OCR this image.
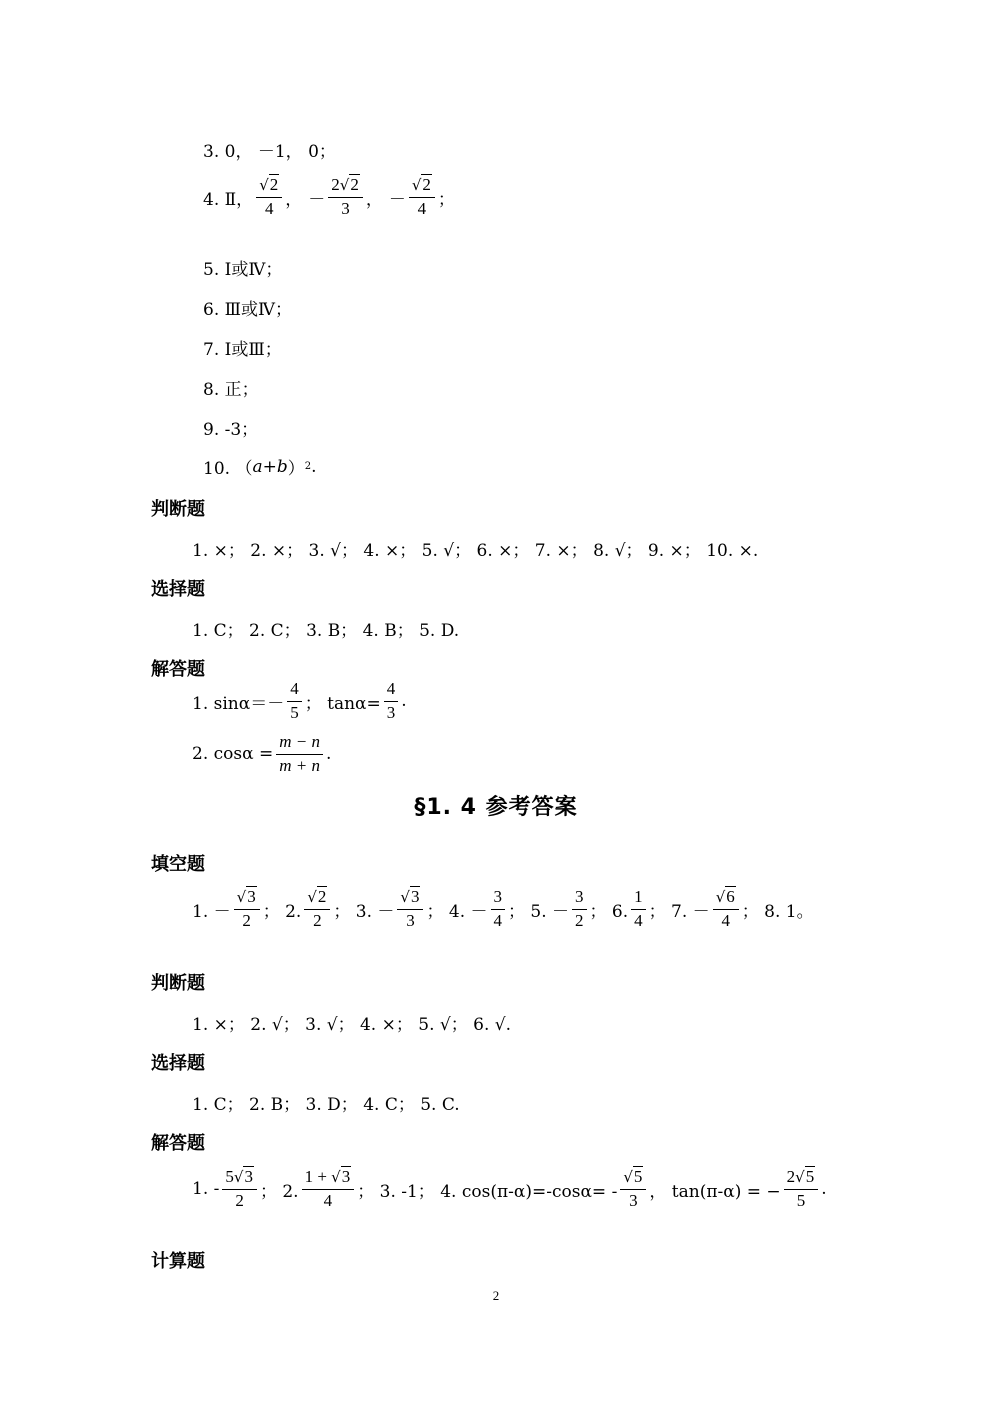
3. 0， －1， 0；
4. Ⅱ， $\frac{√2}{4}$ ， － $\frac{2√2}{3}$ ， － $\frac{√2}{4}$ ；
5. Ⅰ或Ⅳ；
6. Ⅲ或Ⅳ；
7. Ⅰ或Ⅲ；
8. 正；
9. -3；
10. （ a + b ） 2 .
判断题
1. ×； 2. ×； 3. √； 4. ×； 5. √； 6. ×； 7. ×； 8. √； 9. ×； 10. ×.
选择题
1. C； 2. C； 3. B； 4. B； 5. D.
解答题
1. $\sin\alpha=- \frac{4}{5}$ ； $\tan\alpha= \frac{4}{3}$ .
2. $\cos\alpha = \frac{m - n}{m + n}$ .
§1. 4 参考答案
填空题
1. － $\frac{√3}{2}$ ； 2. $\frac{√2}{2}$ ； 3. － $\frac{√3}{3}$ ； 4. － $\frac{3}{4}$ ； 5. － $\frac{3}{2}$ ； 6. $\frac{1}{4}$ ； 7. － $\frac{√6}{4}$ ； 8. 1。
判断题
1. ×； 2. √； 3. √； 4. ×； 5. √； 6. √.
选择题
1. C； 2. B； 3. D； 4. C； 5. C.
解答题
1. - $\frac{5√3}{2}$ ； 2. $\frac{1 + √3}{4}$ ； 3. -1； 4. $\cos(\pi-\alpha)=-\cos\alpha= - \frac{√5}{3}$ ， tan(π-α) = − $\frac{2√5}{5}$ .
计算题
2
